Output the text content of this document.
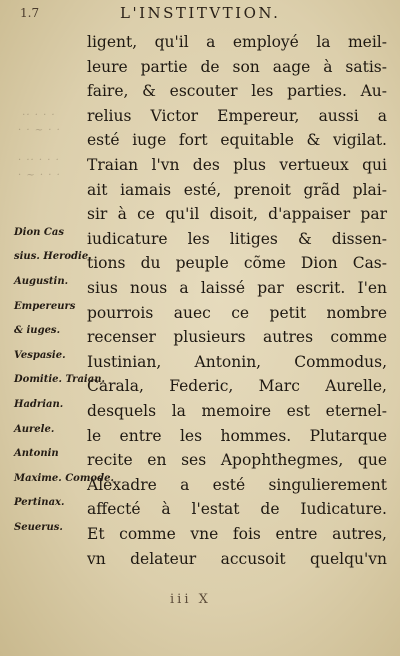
1.7	L'INSTITVTION.
·· · · ·
· · ~ · ·

· ·· · · ·
· ~ · · ·
ligent, qu'il a employé la meil-
leure partie de son aage à satis-
faire, & escouter les parties. Au-
relius Victor Empereur, aussi a
esté iuge fort equitable & vigilat.
Traian l'vn des plus vertueux qui
ait iamais esté, prenoit grãd plai-
sir à ce qu'il disoit, d'appaiser par
iudicature les litiges & dissen-
Dion Cas
tions du peuple cõme Dion Cas-
sius. Herodie.
sius nous a laissé par escrit. I'en
Augustin.
pourrois auec ce petit nombre
Empereurs
recenser plusieurs autres comme
& iuges.
Iustinian, Antonin, Commodus,
Vespasie.
Carala, Federic, Marc Aurelle,
Domitie. Traian.
desquels la memoire est eternel-
Hadrian.
le entre les hommes. Plutarque
Aurele.
recite en ses Apophthegmes, que
Antonin
Alexadre a esté singulierement
Maxime. Comode.
affecté à l'estat de Iudicature.
Pertinax.
Et comme vne fois entre autres,
Seuerus.
vn delateur accusoit quelqu'vn
iii X
